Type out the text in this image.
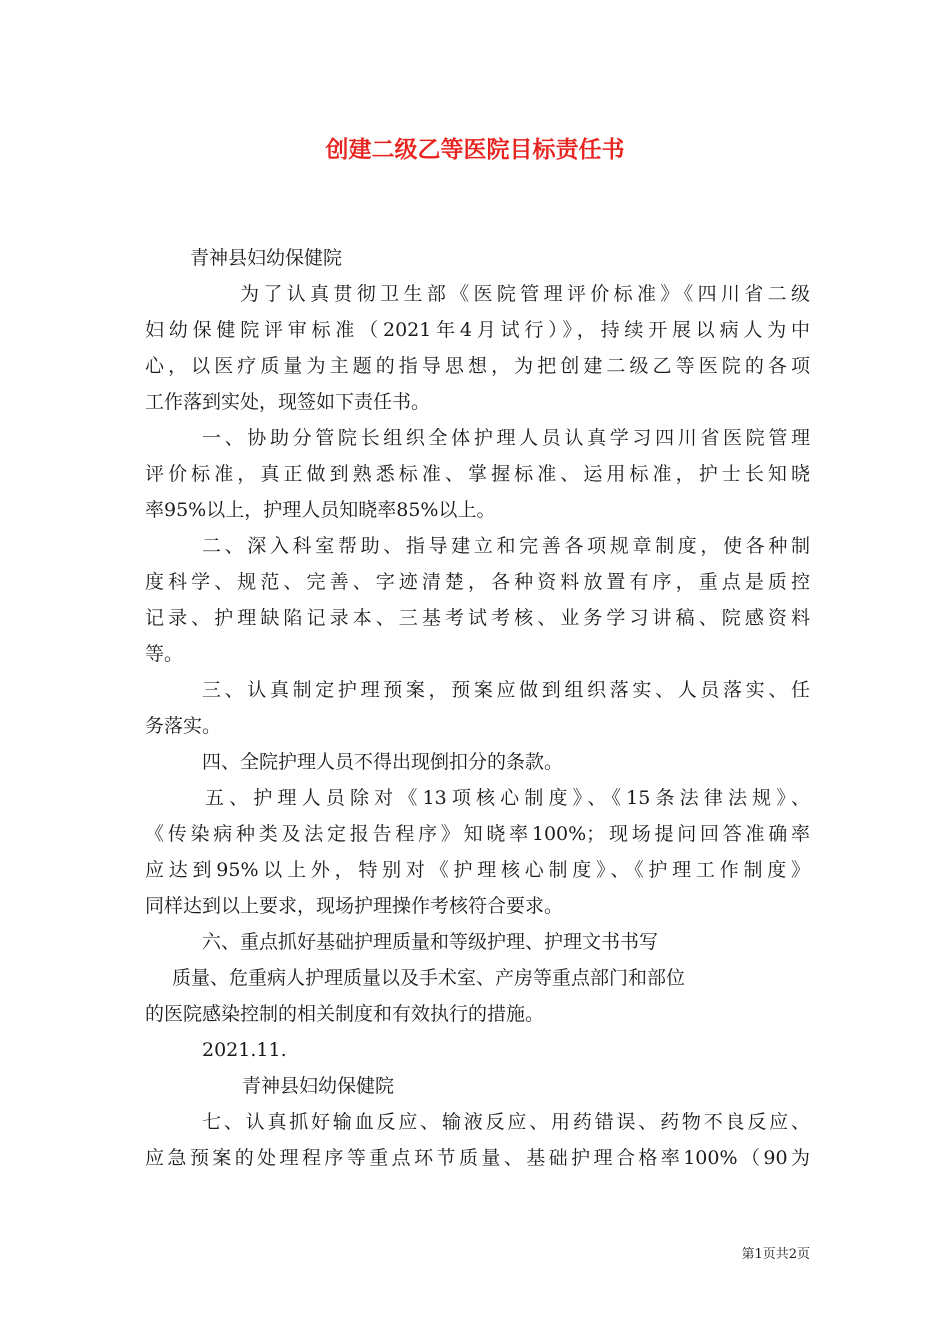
创建二级乙等医院目标责任书
青神县妇幼保健院
为了认真贯彻卫生部《医院管理评价标准》《四川省二级
妇幼保健院评审标准（2021年4月试行）》，持续开展以病人为中
心，以医疗质量为主题的指导思想，为把创建二级乙等医院的各项
工作落到实处，现签如下责任书。
一、协助分管院长组织全体护理人员认真学习四川省医院管理
评价标准，真正做到熟悉标准、掌握标准、运用标准，护士长知晓
率95%以上，护理人员知晓率85%以上。
二、深入科室帮助、指导建立和完善各项规章制度，使各种制
度科学、规范、完善、字迹清楚，各种资料放置有序，重点是质控
记录、护理缺陷记录本、三基考试考核、业务学习讲稿、院感资料
等。
三、认真制定护理预案，预案应做到组织落实、人员落实、任
务落实。
四、全院护理人员不得出现倒扣分的条款。
五、护理人员除对《13项核心制度》、《15条法律法规》、
《传染病种类及法定报告程序》知晓率100%；现场提问回答准确率
应达到95%以上外，特别对《护理核心制度》、《护理工作制度》
同样达到以上要求，现场护理操作考核符合要求。
六、重点抓好基础护理质量和等级护理、护理文书书写
质量、危重病人护理质量以及手术室、产房等重点部门和部位
的医院感染控制的相关制度和有效执行的措施。
2021.11.
青神县妇幼保健院
七、认真抓好输血反应、输液反应、用药错误、药物不良反应、
应急预案的处理程序等重点环节质量、基础护理合格率100%（90为
第1页共2页
